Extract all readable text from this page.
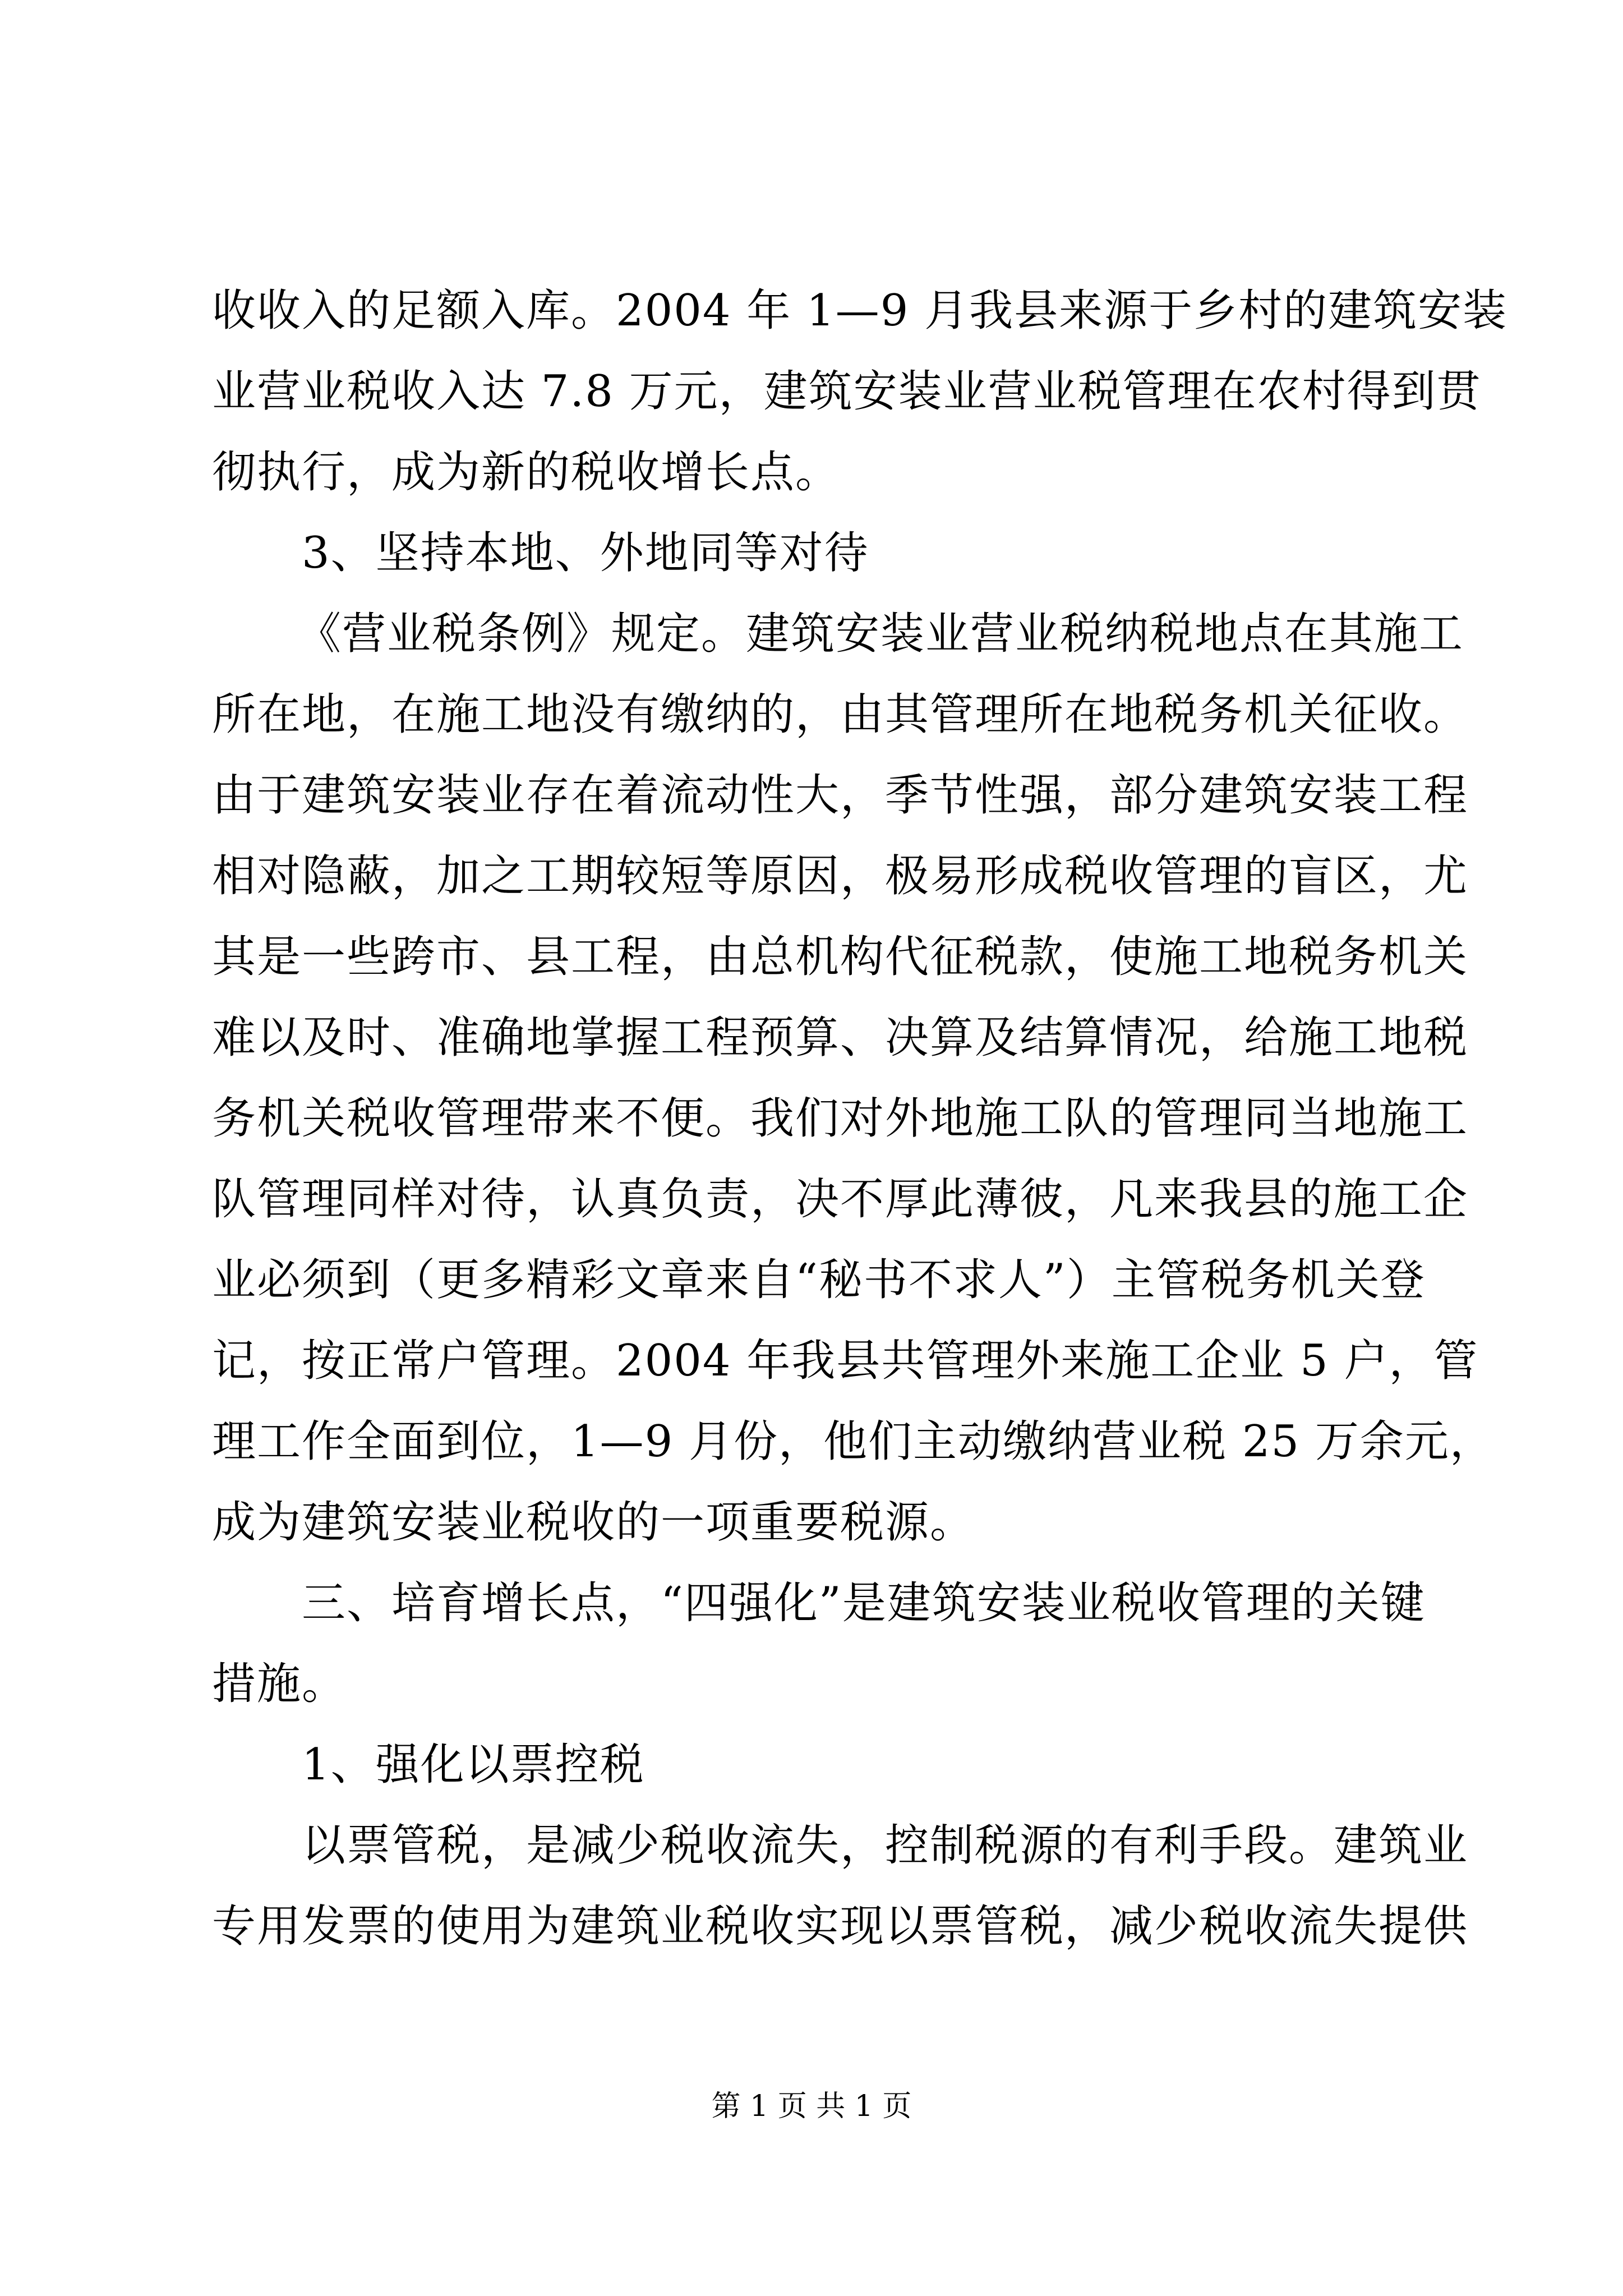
收收入的足额入库。2004 年 1—9 月我县来源于乡村的建筑安装
业营业税收入达 7.8 万元，建筑安装业营业税管理在农村得到贯
彻执行，成为新的税收增长点。
3、坚持本地、外地同等对待
《营业税条例》规定。建筑安装业营业税纳税地点在其施工
所在地，在施工地没有缴纳的，由其管理所在地税务机关征收。
由于建筑安装业存在着流动性大，季节性强，部分建筑安装工程
相对隐蔽，加之工期较短等原因，极易形成税收管理的盲区，尤
其是一些跨市、县工程，由总机构代征税款，使施工地税务机关
难以及时、准确地掌握工程预算、决算及结算情况，给施工地税
务机关税收管理带来不便。我们对外地施工队的管理同当地施工
队管理同样对待，认真负责，决不厚此薄彼，凡来我县的施工企
业必须到（更多精彩文章来自“秘书不求人”）主管税务机关登
记，按正常户管理。2004 年我县共管理外来施工企业 5 户，管
理工作全面到位，1—9 月份，他们主动缴纳营业税 25 万余元，
成为建筑安装业税收的一项重要税源。
三、培育增长点，“四强化”是建筑安装业税收管理的关键
措施。
1、强化以票控税
以票管税，是减少税收流失，控制税源的有利手段。建筑业
专用发票的使用为建筑业税收实现以票管税，减少税收流失提供
第 1 页 共 1 页
